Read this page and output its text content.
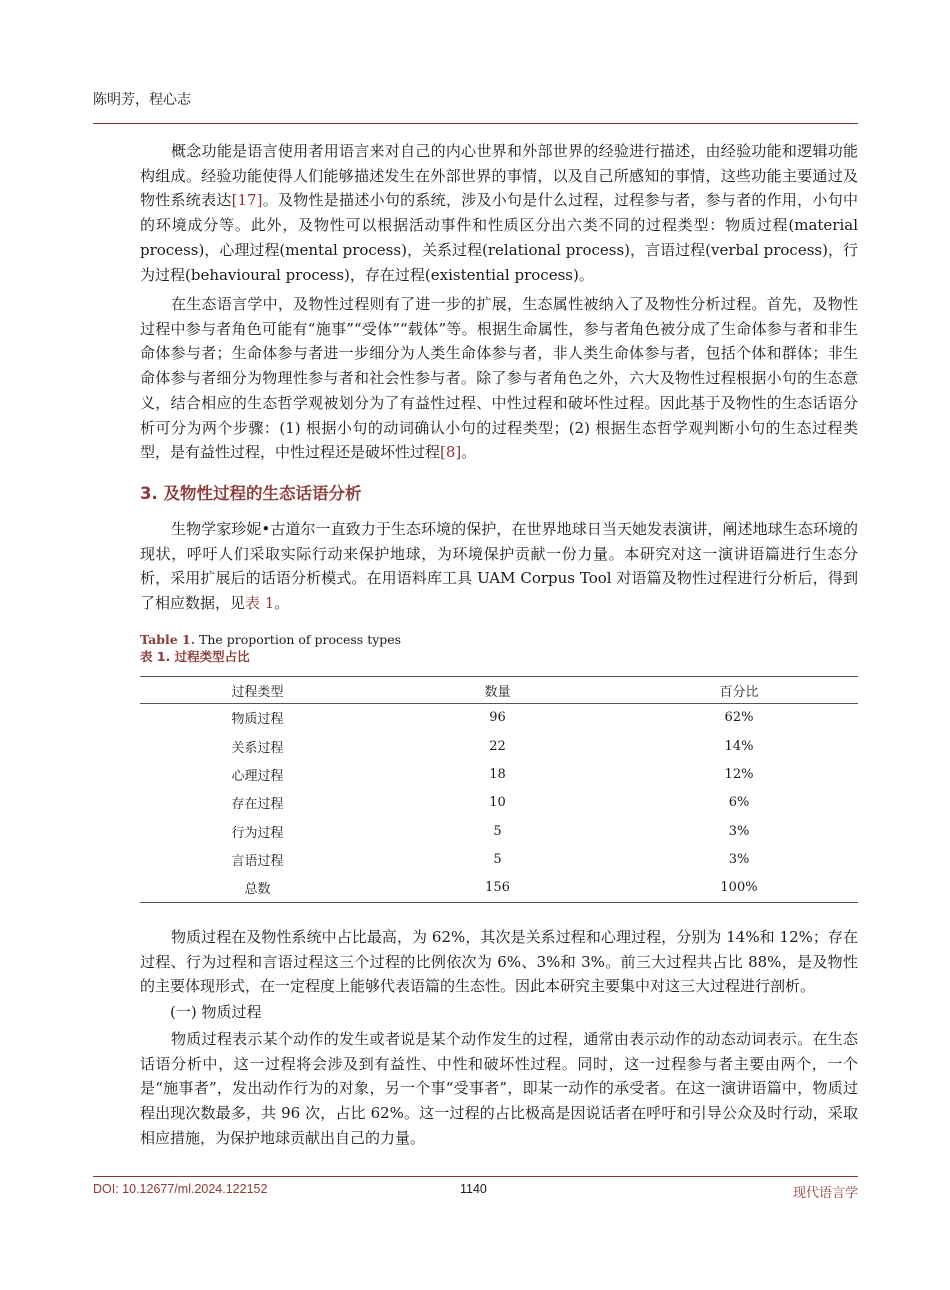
陈明芳，程心志

概念功能是语言使用者用语言来对自己的内心世界和外部世界的经验进行描述，由经验功能和逻辑功能构组成。经验功能使得人们能够描述发生在外部世界的事情，以及自己所感知的事情，这些功能主要通过及物性系统表达[17]。及物性是描述小句的系统，涉及小句是什么过程，过程参与者，参与者的作用，小句中的环境成分等。此外，及物性可以根据活动事件和性质区分出六类不同的过程类型：物质过程(material process)，心理过程(mental process)，关系过程(relational process)，言语过程(verbal process)，行为过程(behavioural process)，存在过程(existential process)。

在生态语言学中，及物性过程则有了进一步的扩展，生态属性被纳入了及物性分析过程。首先，及物性过程中参与者角色可能有“施事”“受体”“载体”等。根据生命属性，参与者角色被分成了生命体参与者和非生命体参与者；生命体参与者进一步细分为人类生命体参与者，非人类生命体参与者，包括个体和群体；非生命体参与者细分为物理性参与者和社会性参与者。除了参与者角色之外，六大及物性过程根据小句的生态意义，结合相应的生态哲学观被划分为了有益性过程、中性过程和破坏性过程。因此基于及物性的生态话语分析可分为两个步骤：(1) 根据小句的动词确认小句的过程类型；(2) 根据生态哲学观判断小句的生态过程类型，是有益性过程，中性过程还是破坏性过程[8]。

3. 及物性过程的生态话语分析

生物学家珍妮•古道尔一直致力于生态环境的保护，在世界地球日当天她发表演讲，阐述地球生态环境的现状，呼吁人们采取实际行动来保护地球，为环境保护贡献一份力量。本研究对这一演讲语篇进行生态分析，采用扩展后的话语分析模式。在用语料库工具 UAM Corpus Tool 对语篇及物性过程进行分析后，得到了相应数据，见表 1。

Table 1. The proportion of process types
表 1. 过程类型占比
过程类型	数量	百分比
物质过程	96	62%
关系过程	22	14%
心理过程	18	12%
存在过程	10	6%
行为过程	5	3%
言语过程	5	3%
总数	156	100%

物质过程在及物性系统中占比最高，为 62%，其次是关系过程和心理过程，分别为 14%和 12%；存在过程、行为过程和言语过程这三个过程的比例依次为 6%、3%和 3%。前三大过程共占比 88%，是及物性的主要体现形式，在一定程度上能够代表语篇的生态性。因此本研究主要集中对这三大过程进行剖析。

(一) 物质过程

物质过程表示某个动作的发生或者说是某个动作发生的过程，通常由表示动作的动态动词表示。在生态话语分析中，这一过程将会涉及到有益性、中性和破坏性过程。同时，这一过程参与者主要由两个，一个是“施事者”，发出动作行为的对象，另一个事“受事者”，即某一动作的承受者。在这一演讲语篇中，物质过程出现次数最多，共 96 次，占比 62%。这一过程的占比极高是因说话者在呼吁和引导公众及时行动，采取相应措施，为保护地球贡献出自己的力量。

DOI: 10.12677/ml.2024.122152	1140	现代语言学
